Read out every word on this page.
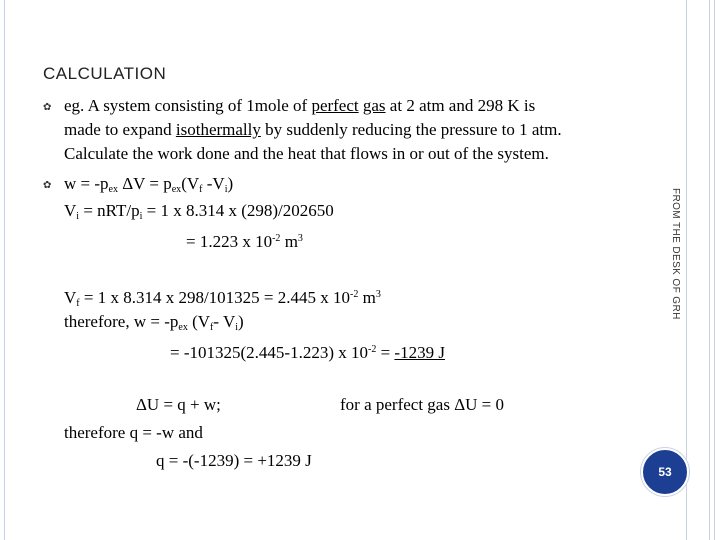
CALCULATION
✿
✿
eg. A system consisting of 1mole of perfect gas at 2 atm and 298 K is
made to expand isothermally by suddenly reducing the pressure to 1 atm.
Calculate the work done and the heat that flows in or out of the system.
$w = -p_{ex}$ $\Delta V = p_{ex}(V_f$ $-V_i$)
$V_i = nRT/p_i = 1$ x 8.314 x (298)/202650
= 1.223 x $10^{-2}$ $m^3$
$V_f = 1$ x 8.314 x 298/101325 = 2.445 x $10^{-2}$ $m^3$
therefore, $w = -p_{ex}$ ($V_f-$ $V_i$)
= -101325(2.445-1.223) x $10^{-2} = -1239$ J
ΔU = q + w;	for a perfect gas ΔU = 0
therefore q = -w and
q = -(-1239) = +1239 J
FROM THE DESK OF GRH
53
